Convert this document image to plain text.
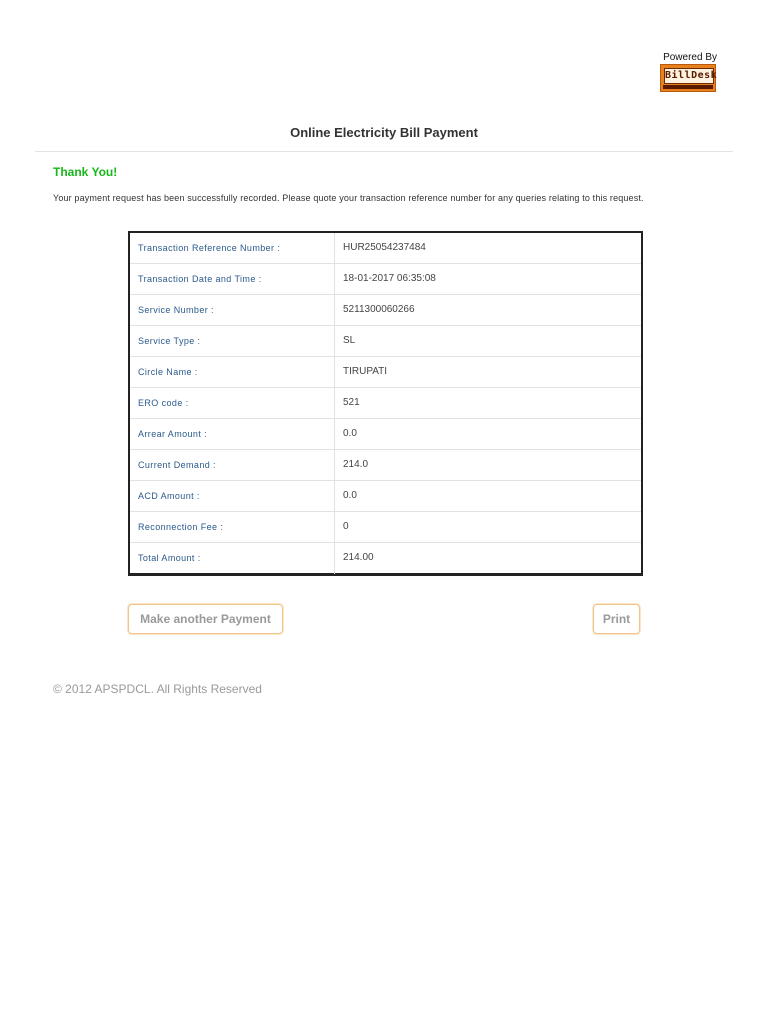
Powered By
BillDesk
Online Electricity Bill Payment
Thank You!
Your payment request has been successfully recorded. Please quote your transaction reference number for any queries relating to this request.
Transaction Reference Number :	HUR25054237484
Transaction Date and Time :	18-01-2017 06:35:08
Service Number :	5211300060266
Service Type :	SL
Circle Name :	TIRUPATI
ERO code :	521
Arrear Amount :	0.0
Current Demand :	214.0
ACD Amount :	0.0
Reconnection Fee :	0
Total Amount :	214.00
Make another Payment	Print
© 2012 APSPDCL. All Rights Reserved
